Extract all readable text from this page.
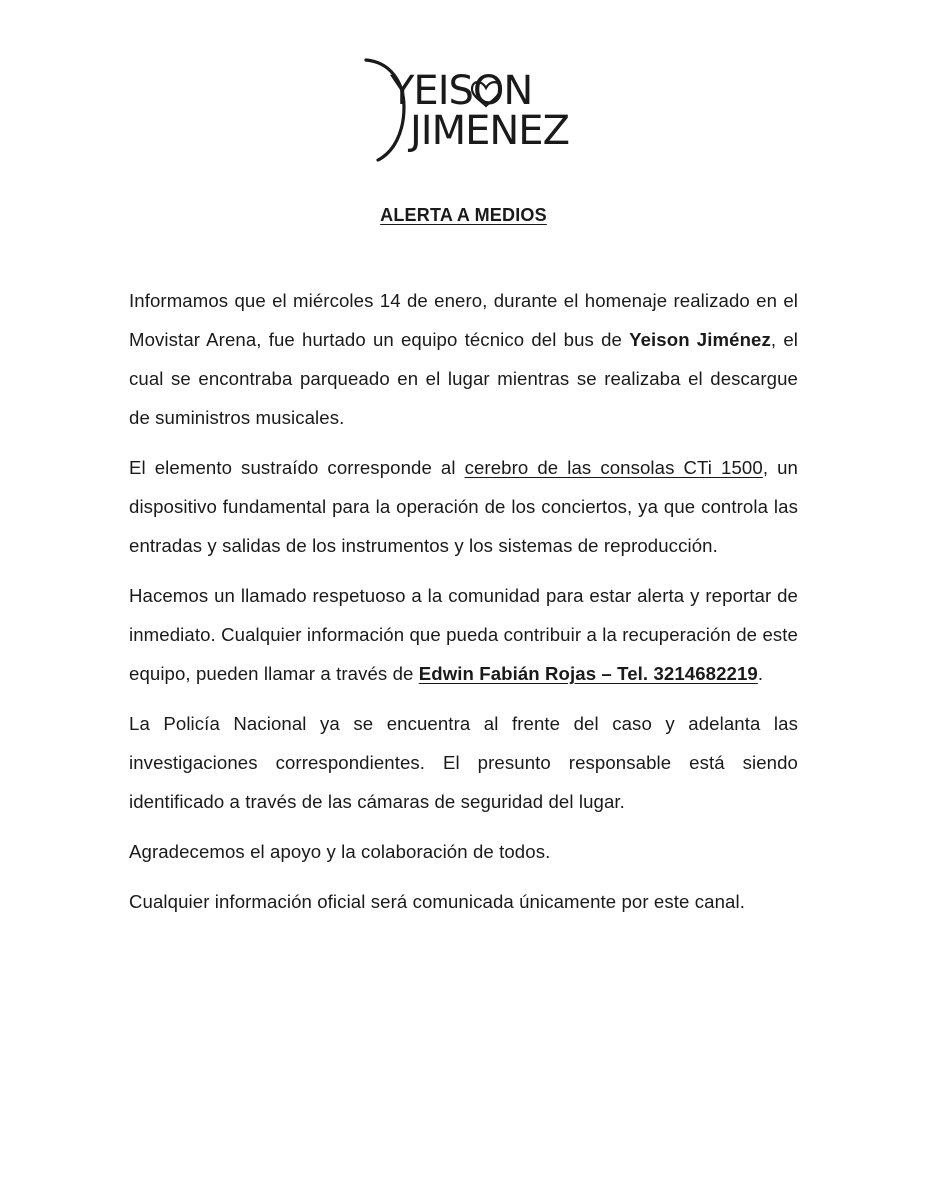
YEISON
JIMENEZ
ALERTA A MEDIOS

Informamos que el miércoles 14 de enero, durante el homenaje realizado en el Movistar Arena, fue hurtado un equipo técnico del bus de Yeison Jiménez, el cual se encontraba parqueado en el lugar mientras se realizaba el descargue de suministros musicales.

El elemento sustraído corresponde al cerebro de las consolas CTi 1500, un dispositivo fundamental para la operación de los conciertos, ya que controla las entradas y salidas de los instrumentos y los sistemas de reproducción.

Hacemos un llamado respetuoso a la comunidad para estar alerta y reportar de inmediato. Cualquier información que pueda contribuir a la recuperación de este equipo, pueden llamar a través de Edwin Fabián Rojas – Tel. 3214682219.

La Policía Nacional ya se encuentra al frente del caso y adelanta las investigaciones correspondientes. El presunto responsable está siendo identificado a través de las cámaras de seguridad del lugar.

Agradecemos el apoyo y la colaboración de todos.

Cualquier información oficial será comunicada únicamente por este canal.
